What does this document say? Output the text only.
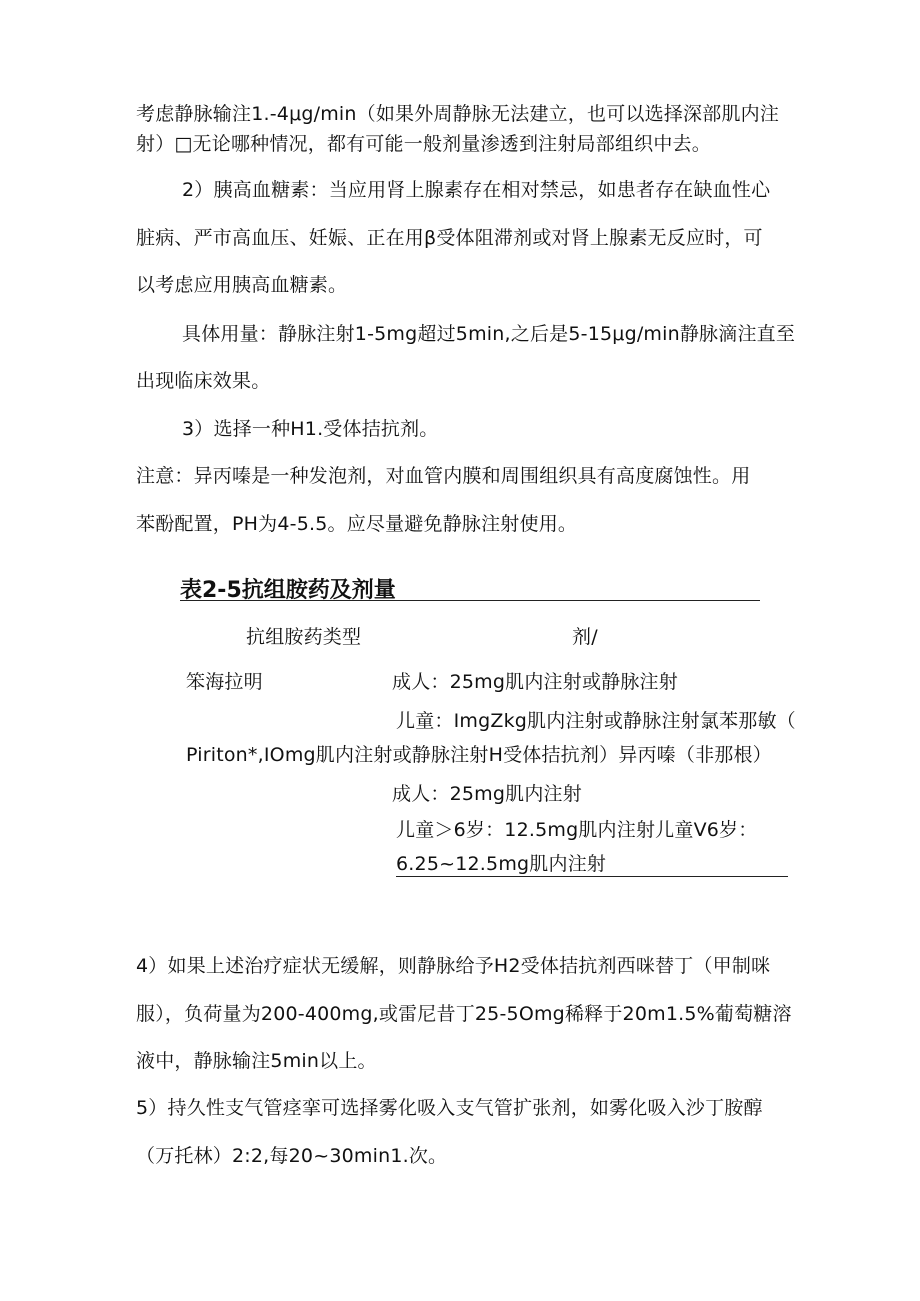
考虑静脉输注1.-4μg/min（如果外周静脉无法建立，也可以选择深部肌内注
射）□无论哪种情况，都有可能一般剂量渗透到注射局部组织中去。
2）胰高血糖素：当应用肾上腺素存在相对禁忌，如患者存在缺血性心
脏病、严市高血压、妊娠、正在用β受体阻滞剂或对肾上腺素无反应时，可
以考虑应用胰高血糖素。
具体用量：静脉注射1-5mg超过5min,之后是5-15μg/min静脉滴注直至
出现临床效果。
3）选择一种H1.受体拮抗剂。
注意：异丙嗪是一种发泡剂，对血管内膜和周围组织具有高度腐蚀性。用
苯酚配置，PH为4-5.5。应尽量避免静脉注射使用。
表2-5抗组胺药及剂量
抗组胺药类型	剂/
笨海拉明	成人：25mg肌内注射或静脉注射
儿童：ImgZkg肌内注射或静脉注射氯苯那敏（
Piriton*,IOmg肌内注射或静脉注射H受体拮抗剂）异丙嗪（非那根）
成人：25mg肌内注射
儿童＞6岁：12.5mg肌内注射儿童V6岁：
6.25~12.5mg肌内注射
4）如果上述治疗症状无缓解，则静脉给予H2受体拮抗剂西咪替丁（甲制咪
服），负荷量为200-400mg,或雷尼昔丁25-5Omg稀释于20m1.5%葡萄糖溶
液中，静脉输注5min以上。
5）持久性支气管痉挛可选择雾化吸入支气管扩张剂，如雾化吸入沙丁胺醇
（万托林）2:2,每20~30min1.次。
